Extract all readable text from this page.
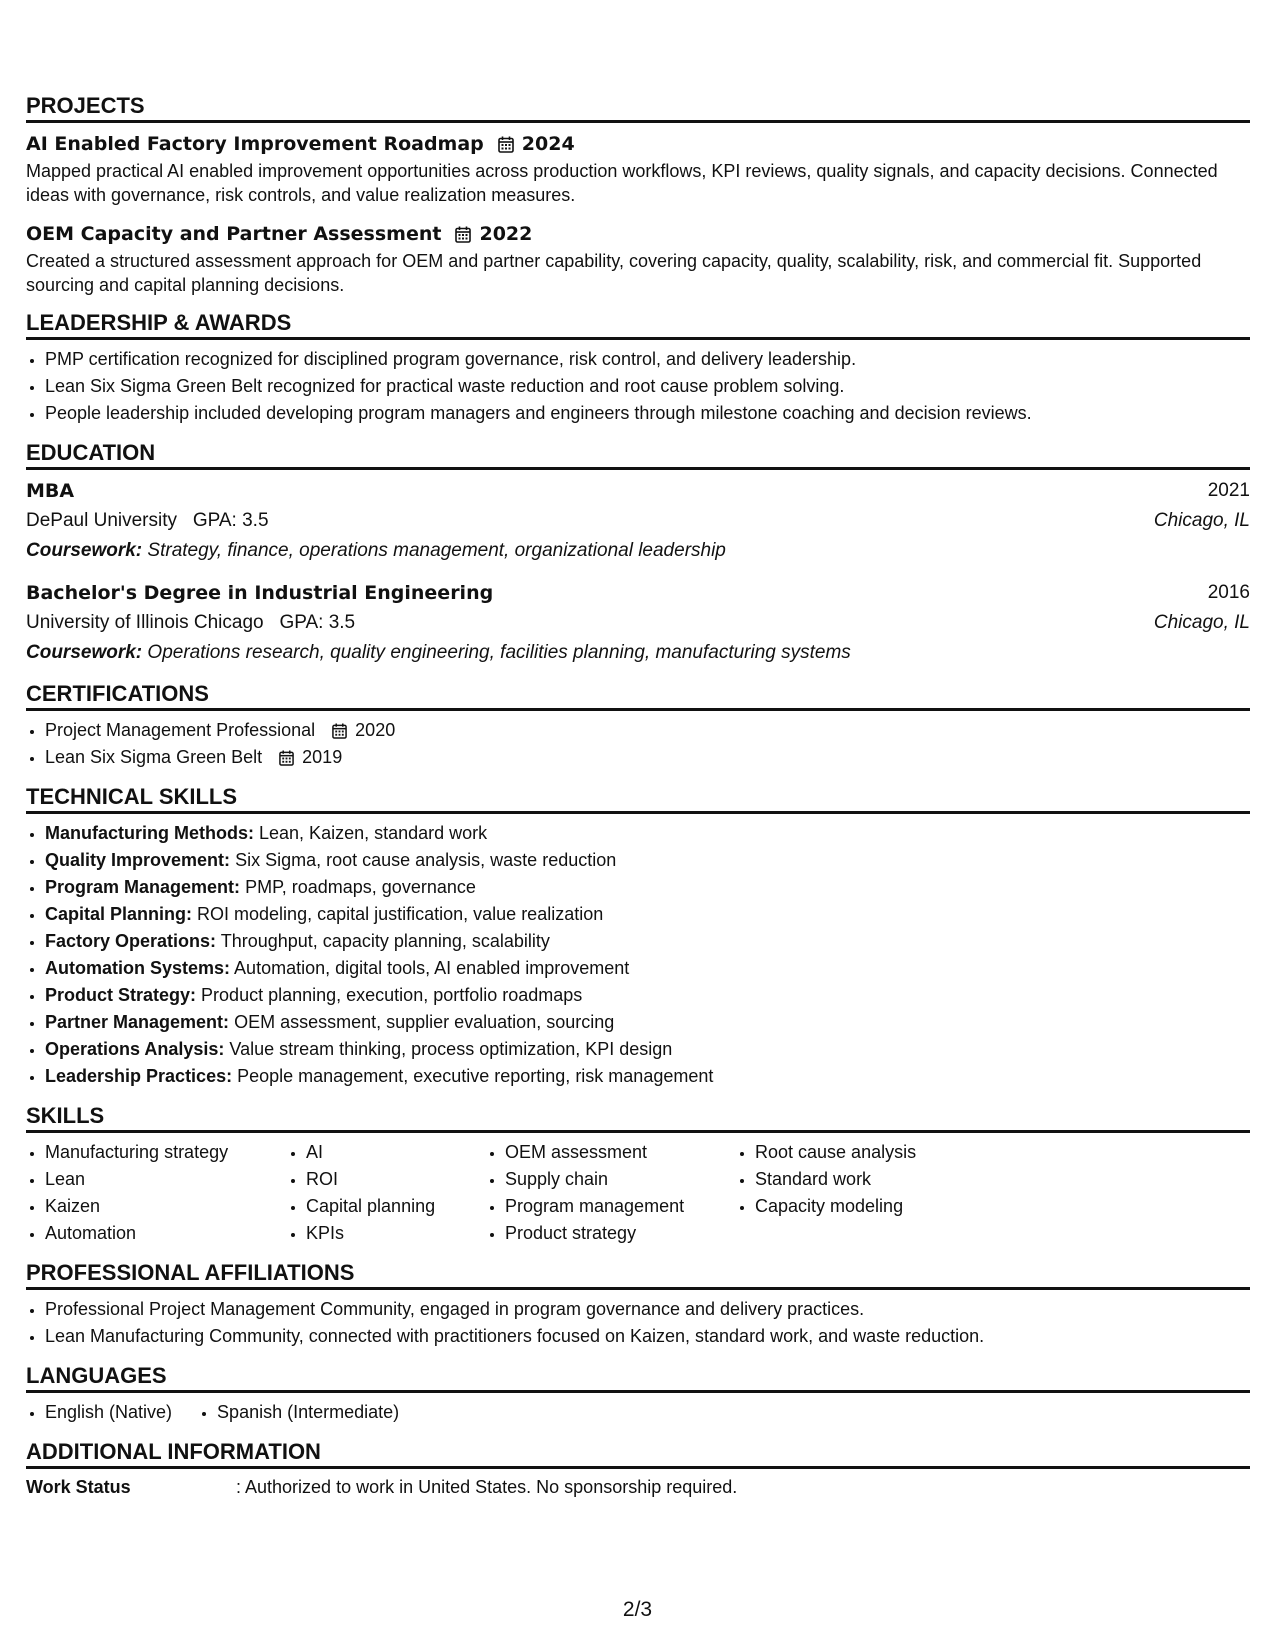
PROJECTS
AI Enabled Factory Improvement Roadmap 2024
Mapped practical AI enabled improvement opportunities across production workflows, KPI reviews, quality signals, and capacity decisions. Connected ideas with governance, risk controls, and value realization measures.
OEM Capacity and Partner Assessment 2022
Created a structured assessment approach for OEM and partner capability, covering capacity, quality, scalability, risk, and commercial fit. Supported sourcing and capital planning decisions.
LEADERSHIP & AWARDS
• PMP certification recognized for disciplined program governance, risk control, and delivery leadership.
• Lean Six Sigma Green Belt recognized for practical waste reduction and root cause problem solving.
• People leadership included developing program managers and engineers through milestone coaching and decision reviews.
EDUCATION
MBA	2021
DePaul University GPA: 3.5	Chicago, IL
Coursework: Strategy, finance, operations management, organizational leadership
Bachelor's Degree in Industrial Engineering	2016
University of Illinois Chicago GPA: 3.5	Chicago, IL
Coursework: Operations research, quality engineering, facilities planning, manufacturing systems
CERTIFICATIONS
• Project Management Professional 2020
• Lean Six Sigma Green Belt 2019
TECHNICAL SKILLS
• Manufacturing Methods: Lean, Kaizen, standard work
• Quality Improvement: Six Sigma, root cause analysis, waste reduction
• Program Management: PMP, roadmaps, governance
• Capital Planning: ROI modeling, capital justification, value realization
• Factory Operations: Throughput, capacity planning, scalability
• Automation Systems: Automation, digital tools, AI enabled improvement
• Product Strategy: Product planning, execution, portfolio roadmaps
• Partner Management: OEM assessment, supplier evaluation, sourcing
• Operations Analysis: Value stream thinking, process optimization, KPI design
• Leadership Practices: People management, executive reporting, risk management
SKILLS
• Manufacturing strategy
• Lean
• Kaizen
• Automation
• AI
• ROI
• Capital planning
• KPIs
• OEM assessment
• Supply chain
• Program management
• Product strategy
• Root cause analysis
• Standard work
• Capacity modeling
PROFESSIONAL AFFILIATIONS
• Professional Project Management Community, engaged in program governance and delivery practices.
• Lean Manufacturing Community, connected with practitioners focused on Kaizen, standard work, and waste reduction.
LANGUAGES
• English (Native)
•	Spanish (Intermediate)
ADDITIONAL INFORMATION
Work Status	: Authorized to work in United States. No sponsorship required.
2/3
